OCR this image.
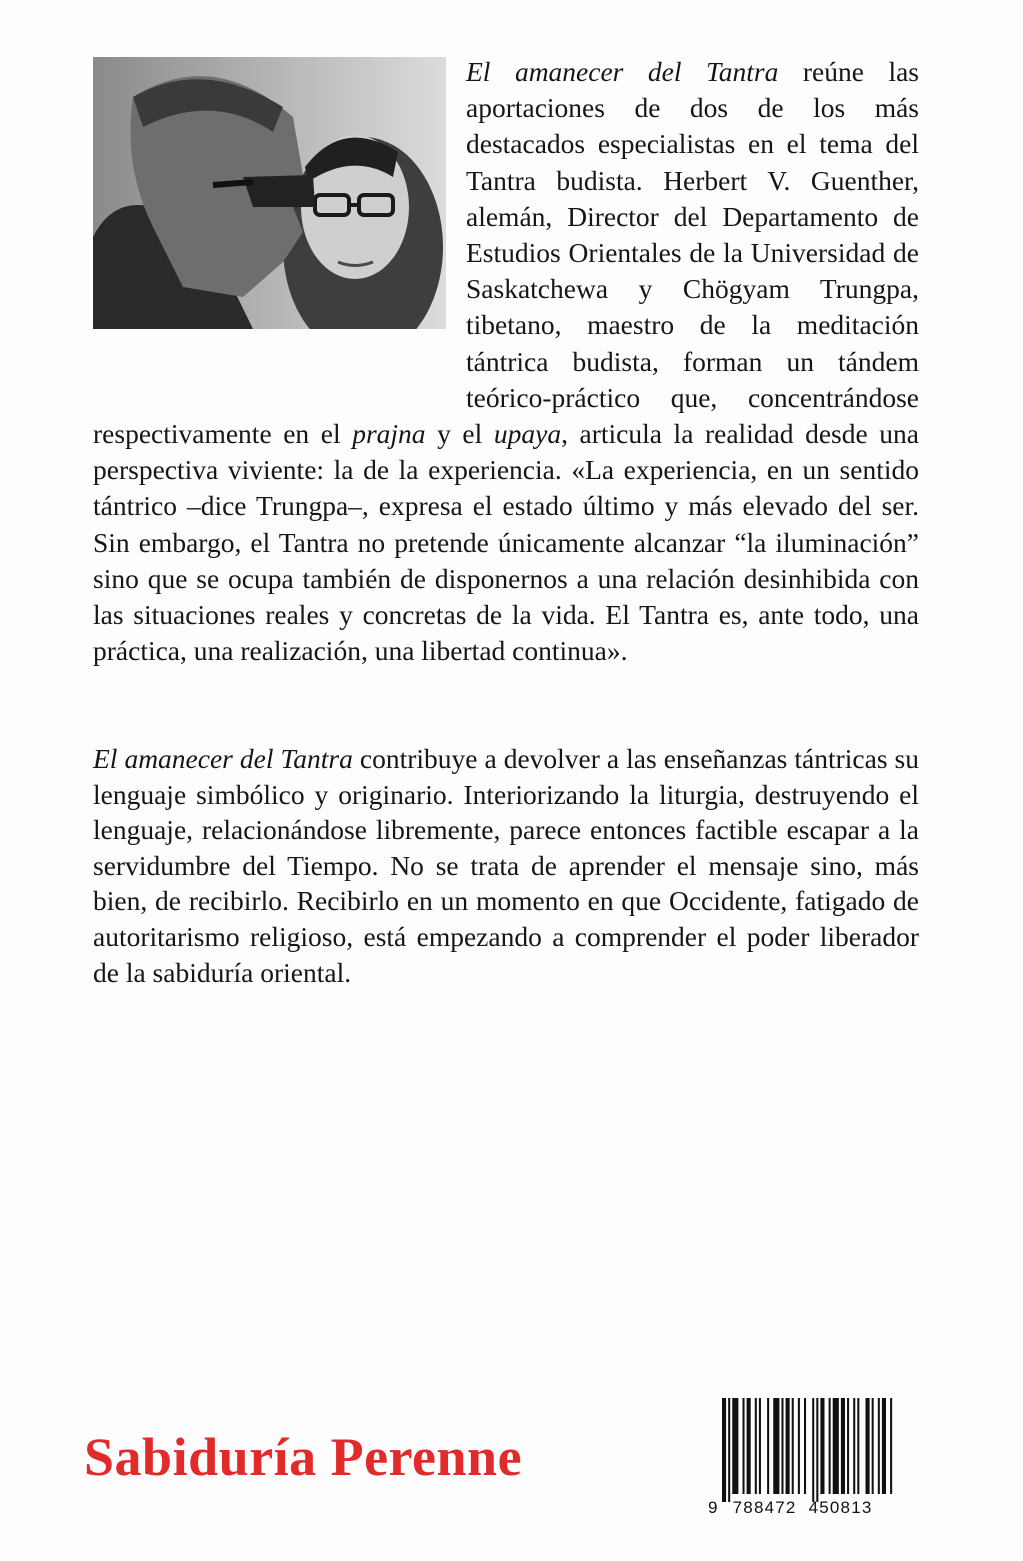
El amanecer del Tantra reúne las aportaciones de dos de los más destacados especialistas en el tema del Tantra budista. Herbert V. Guenther, alemán, Director del Departamento de Estudios Orientales de la Universidad de Saskatchewa y Chögyam Trungpa, tibetano, maestro de la meditación tántrica budista, forman un tándem teórico-práctico que, concentrándose respectivamente en el prajna y el upaya, articula la realidad desde una perspectiva viviente: la de la experiencia. «La experiencia, en un sentido tántrico –dice Trungpa–, expresa el estado último y más elevado del ser. Sin embargo, el Tantra no pretende únicamente alcanzar “la iluminación” sino que se ocupa también de disponernos a una relación desinhibida con las situaciones reales y concretas de la vida. El Tantra es, ante todo, una práctica, una realización, una libertad continua».

El amanecer del Tantra contribuye a devolver a las enseñanzas tántricas su lenguaje simbólico y originario. Interiorizando la liturgia, destruyendo el lenguaje, relacionándose libremente, parece entonces factible escapar a la servidumbre del Tiempo. No se trata de aprender el mensaje sino, más bien, de recibirlo. Recibirlo en un momento en que Occidente, fatigado de autoritarismo religioso, está empezando a comprender el poder liberador de la sabiduría oriental.

Sabiduría Perenne
9 788472 450813
